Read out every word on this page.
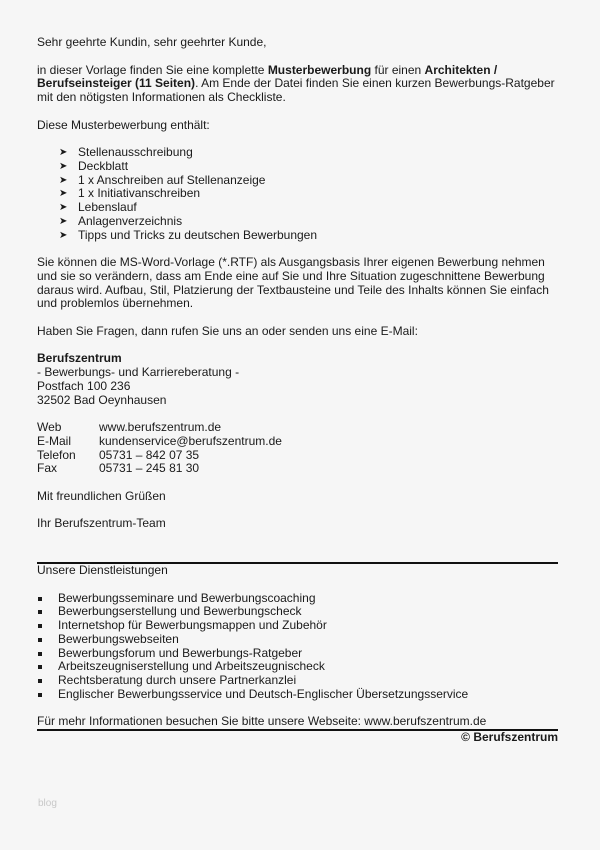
Sehr geehrte Kundin, sehr geehrter Kunde,

in dieser Vorlage finden Sie eine komplette Musterbewerbung für einen Architekten / Berufseinsteiger (11 Seiten). Am Ende der Datei finden Sie einen kurzen Bewerbungs-Ratgeber mit den nötigsten Informationen als Checkliste.

Diese Musterbewerbung enthält:

➤ Stellenausschreibung
➤ Deckblatt
➤ 1 x Anschreiben auf Stellenanzeige
➤ 1 x Initiativanschreiben
➤ Lebenslauf
➤ Anlagenverzeichnis
➤ Tipps und Tricks zu deutschen Bewerbungen

Sie können die MS-Word-Vorlage (*.RTF) als Ausgangsbasis Ihrer eigenen Bewerbung nehmen und sie so verändern, dass am Ende eine auf Sie und Ihre Situation zugeschnittene Bewerbung daraus wird. Aufbau, Stil, Platzierung der Textbausteine und Teile des Inhalts können Sie einfach und problemlos übernehmen.

Haben Sie Fragen, dann rufen Sie uns an oder senden uns eine E-Mail:

Berufszentrum
- Bewerbungs- und Karriereberatung -
Postfach 100 236
32502 Bad Oeynhausen

Web	www.berufszentrum.de
E-Mail	kundenservice@berufszentrum.de
Telefon	05731 – 842 07 35
Fax	05731 – 245 81 30

Mit freundlichen Grüßen

Ihr Berufszentrum-Team

Unsere Dienstleistungen

Bewerbungsseminare und Bewerbungscoaching
Bewerbungserstellung und Bewerbungscheck
Internetshop für Bewerbungsmappen und Zubehör
Bewerbungswebseiten
Bewerbungsforum und Bewerbungs-Ratgeber
Arbeitszeugniserstellung und Arbeitszeugnischeck
Rechtsberatung durch unsere Partnerkanzlei
Englischer Bewerbungsservice und Deutsch-Englischer Übersetzungsservice
Für mehr Informationen besuchen Sie bitte unsere Webseite: www.berufszentrum.de
© Berufszentrum
blog
